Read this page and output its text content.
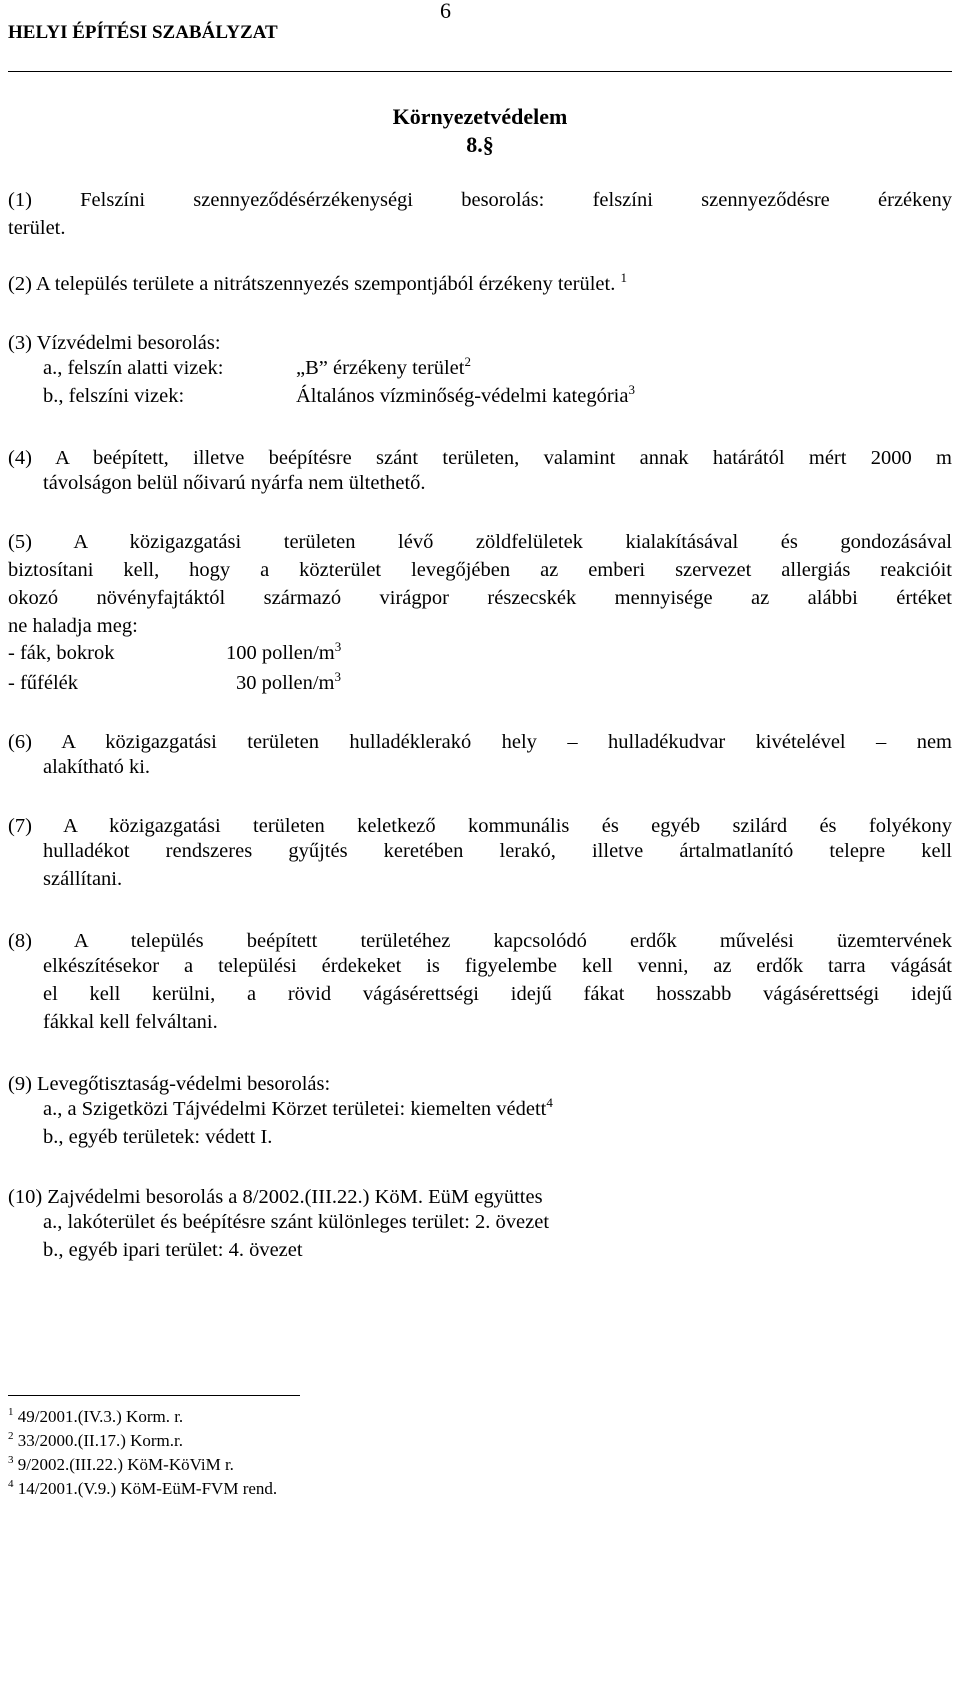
6
HELYI ÉPÍTÉSI SZABÁLYZAT
Környezetvédelem
8.§
(1) Felszíni szennyeződésérzékenységi besorolás: felszíni szennyeződésre érzékeny
terület.
(2) A település területe a nitrátszennyezés szempontjából érzékeny terület. $^1$
(3) Vízvédelmi besorolás:
a., felszín alatti vizek:	„B” érzékeny terület$^2$
b., felszíni vizek:	Általános vízminőség-védelmi kategória$^3$
(4) A beépített, illetve beépítésre szánt területen, valamint annak határától mért 2000 m
távolságon belül nőivarú nyárfa nem ültethető.
(5) A közigazgatási területen lévő zöldfelületek kialakításával és gondozásával
biztosítani kell, hogy a közterület levegőjében az emberi szervezet allergiás reakcióit
okozó növényfajtáktól származó virágpor részecskék mennyisége az alábbi értéket
ne haladja meg:
- fák, bokrok	100 pollen/$m^3$
- fűfélék	30 pollen/$m^3$
(6) A közigazgatási területen hulladéklerakó hely – hulladékudvar kivételével – nem
alakítható ki.
(7) A közigazgatási területen keletkező kommunális és egyéb szilárd és folyékony
hulladékot rendszeres gyűjtés keretében lerakó, illetve ártalmatlanító telepre kell
szállítani.
(8) A település beépített területéhez kapcsolódó erdők művelési üzemtervének
elkészítésekor a települési érdekeket is figyelembe kell venni, az erdők tarra vágását
el kell kerülni, a rövid vágásérettségi idejű fákat hosszabb vágásérettségi idejű
fákkal kell felváltani.
(9) Levegőtisztaság-védelmi besorolás:
a., a Szigetközi Tájvédelmi Körzet területei: kiemelten védett$^4$
b., egyéb területek: védett I.
(10) Zajvédelmi besorolás a 8/2002.(III.22.) KöM. EüM együttes
a., lakóterület és beépítésre szánt különleges terület: 2. övezet
b., egyéb ipari terület: 4. övezet
$^1$ 49/2001.(IV.3.) Korm. r.
$^2$ 33/2000.(II.17.) Korm.r.
$^3$ 9/2002.(III.22.) KöM-KöViM r.
$^4$ 14/2001.(V.9.) KöM-EüM-FVM rend.
